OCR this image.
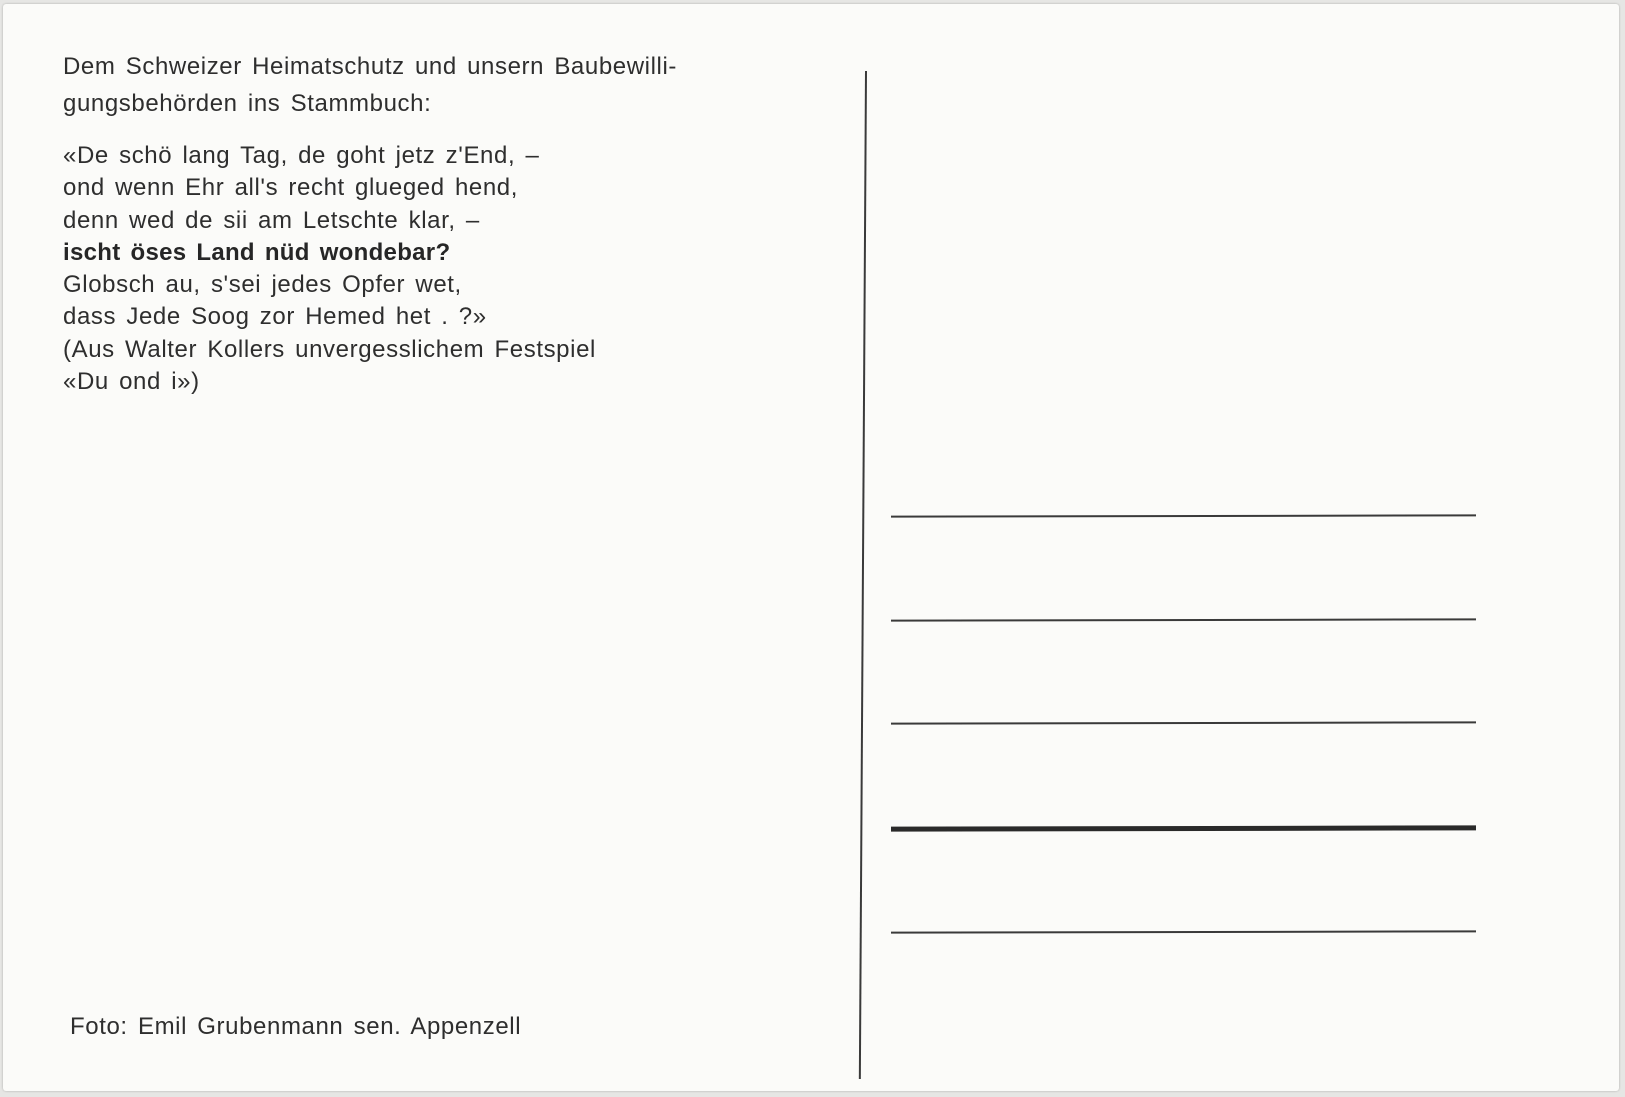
Dem Schweizer Heimatschutz und unsern Baubewilli-
gungsbehörden ins Stammbuch:
«De schö lang Tag, de goht jetz z'End, –
ond wenn Ehr all's recht glueged hend,
denn wed de sii am Letschte klar, –
ischt öses Land nüd wondebar?
Globsch au, s'sei jedes Opfer wet,
dass Jede Soog zor Hemed het . ?»
(Aus Walter Kollers unvergesslichem Festspiel
«Du ond i»)
Foto: Emil Grubenmann sen. Appenzell
